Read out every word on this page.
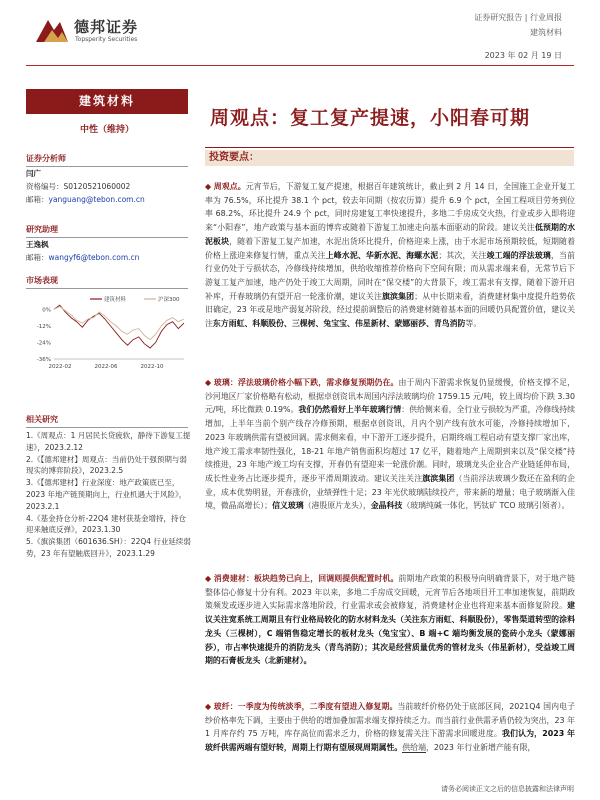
德邦证券
Topsperity Securities
证券研究报告 | 行业周报
建筑材料
2023 年 02 月 19 日
建筑材料
中性（维持）
证券分析师
闫广
资格编号：S0120521060002
邮箱：yanguang@tebon.com.cn
研究助理
王逸枫
邮箱：wangyf6@tebon.com.cn
市场表现
0%
-12%
-24%
-36%
2022-02	2022-06	2022-10
建筑材料	沪深300
相关研究
1.《周观点：1 月居民长贷疲软，静待下游复工提速》，2023.2.12
2.《【德邦建材】周观点：当前仍处于强预期与弱现实的博弈阶段》，2023.2.5
3.《【德邦建材】行业深度：地产政策底已至，2023 年地产链预期向上，行业机遇大于风险》，2023.2.1
4.《基金持仓分析-22Q4 建材获基金增持，持仓迎来触底反弹》，2023.1.30
5.《旗滨集团（601636.SH）：22Q4 行业延续弱势，23 年有望触底回升》，2023.1.29
周观点：复工复产提速，小阳春可期
投资要点：
◆ 周观点。元宵节后，下游复工复产提速，根据百年建筑统计，截止到 2 月 14 日，全国施工企业开复工率为 76.5%，环比提升 38.1 个 pct，较去年同期（按农历算）提升 6.9 个 pct，全国工程项目劳务到位率 68.2%，环比提升 24.9 个 pct，同时房建复工率快速提升，多地二手房成交火热，行业或步入即将迎来“小阳春”，地产政策与基本面的博弈或随着下游复工加速走向基本面驱动的阶段。建议关注低预期的水泥板块，随着下游复工复产加速，水泥出货环比提升，价格迎来上涨，由于水泥市场预期较低，短期随着价格上涨迎来修复行情，重点关注上峰水泥、华新水泥、海螺水泥；其次，关注竣工端的浮法玻璃，当前行业仍处于亏损状态，冷修线持续增加，供给收缩推荐价格向下空间有限；而从需求端来看，无常节后下游复工复产加速，地产仍处于竣工大周期，同时在“保交楼”的大背景下，竣工需求有支撑，随着下游开启补库，开春玻璃仍有望开启一轮涨价潮，建议关注旗滨集团；从中长期来看，消费建材集中度提升趋势依旧确定，23 年或是地产弱复苏阶段，经过提前调整后的消费建材随着基本面的回暖仍具配置价值，建议关注东方雨虹、科顺股份、三棵树、兔宝宝、伟星新材、蒙娜丽莎、青鸟消防等。
◆ 玻璃：浮法玻璃价格小幅下跌，需求修复预期仍在。由于周内下游需求恢复仍显缓慢，价格支撑不足，沙河地区厂家价格略有松动，根据卓创资讯本周国内浮法玻璃均价 1759.15 元/吨，较上周均价下跌 3.30 元/吨，环比微跌 0.19%。我们仍然看好上半年玻璃行情：供给侧来看，全行业亏损较为严重，冷修线持续增加，上半年当前个别产线存冷修预期，根据卓创资讯，月内个别产线有放水可能，冷修持续增加下，2023 年玻璃供需有望被回调。需求侧来看，中下游开工逐步提升，启期终端工程启动有望支撑厂家出库，地产竣工需求率韧性强化，18-21 年地产销售面积均超过 17 亿平，随着地产上周期到来以及“保交楼”持续推进，23 年地产竣工均有支撑，开春仍有望迎来一轮涨价潮。同时，玻璃龙头企业合产业链延伸布局，成长性业务占比逐步提升，逐步平滑周期波动。建议关注关注旗滨集团（当前浮法玻璃少数还在盈利的企业，成本优势明显，开春涨价，业绩弹性十足；23 年光伏玻璃陆续投产，带来新的增量；电子玻璃渐入佳境，微晶高增长）；信义玻璃（港股原片龙头），金晶科技（玻璃纯碱一体化，钙钛矿 TCO 玻璃引领者）。
◆ 消费建材：板块趋势已向上，回调则提供配置时机。前期地产政策的积极导向明确背景下，对于地产链整体信心修复十分有利。2023 年以来，多地二手房成交回暖，元宵节后各地项目开工率加速恢复，前期政策频发或逐步进入实际需求落地阶段，行业需求或会被修复，消费建材企业也将迎来基本面修复阶段。建议关注宽系统工周期且有行业格局较化的防水材料龙头（关注东方雨虹、科顺股份），零售渠道转型的涂料龙头（三棵树），C 端销售稳定增长的板材龙头（兔宝宝）、B 端+C 端均衡发展的瓷砖小龙头（蒙娜丽莎），市占率快速提升的消防龙头（青鸟消防）；其次是经营质量优秀的管材龙头（伟星新材），受益竣工周期的石膏板龙头（北新建材）。
◆ 玻纤：一季度为传统淡季，二季度有望进入修复期。当前玻纤价格仍处于底部区间，2021Q4 国内电子纱价格率先下调，主要由于供给的增加叠加需求端支撑持续乏力。而当前行业供需矛盾仍较为突出，23 年 1 月库存约 75 万吨，库存高位而需求乏力，价格的修复需关注下游需求回暖进度。我们认为，2023 年玻纤供需两端有望好转，周期上行期有望展现周期属性。供给端，2023 年行业新增产能有限，
请务必阅读正文之后的信息披露和法律声明
